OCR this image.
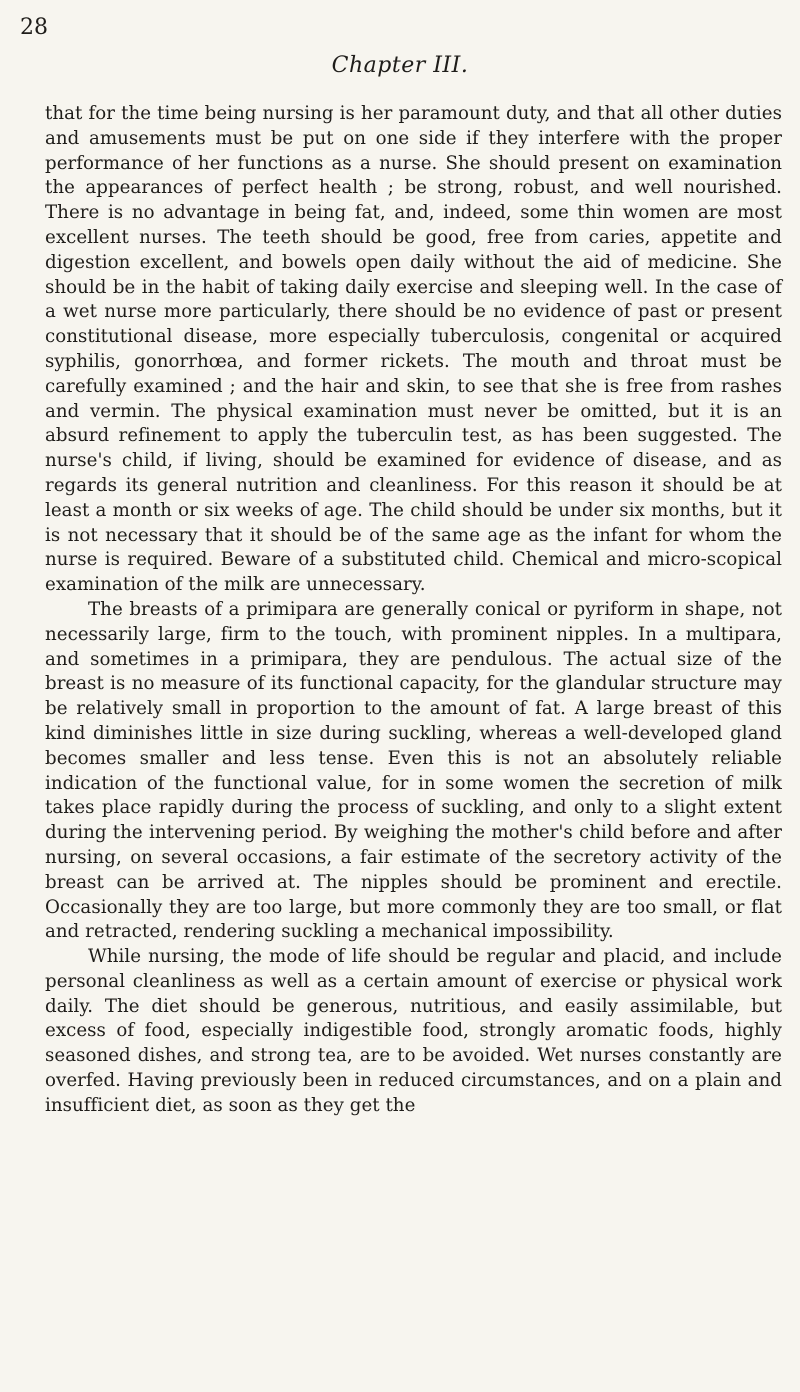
28
Chapter III.

that for the time being nursing is her paramount duty, and that all other duties and amusements must be put on one side if they interfere with the proper performance of her functions as a nurse. She should present on examination the appearances of perfect health ; be strong, robust, and well nourished. There is no advantage in being fat, and, indeed, some thin women are most excellent nurses. The teeth should be good, free from caries, appetite and digestion excellent, and bowels open daily without the aid of medicine. She should be in the habit of taking daily exercise and sleeping well. In the case of a wet nurse more particularly, there should be no evidence of past or present constitutional disease, more especially tuberculosis, congenital or acquired syphilis, gonorrhœa, and former rickets. The mouth and throat must be carefully examined ; and the hair and skin, to see that she is free from rashes and vermin. The physical examination must never be omitted, but it is an absurd refinement to apply the tuberculin test, as has been suggested. The nurse's child, if living, should be examined for evidence of disease, and as regards its general nutrition and cleanliness. For this reason it should be at least a month or six weeks of age. The child should be under six months, but it is not necessary that it should be of the same age as the infant for whom the nurse is required. Beware of a substituted child. Chemical and micro-scopical examination of the milk are unnecessary.

The breasts of a primipara are generally conical or pyriform in shape, not necessarily large, firm to the touch, with prominent nipples. In a multipara, and sometimes in a primipara, they are pendulous. The actual size of the breast is no measure of its functional capacity, for the glandular structure may be relatively small in proportion to the amount of fat. A large breast of this kind diminishes little in size during suckling, whereas a well-developed gland becomes smaller and less tense. Even this is not an absolutely reliable indication of the functional value, for in some women the secretion of milk takes place rapidly during the process of suckling, and only to a slight extent during the intervening period. By weighing the mother's child before and after nursing, on several occasions, a fair estimate of the secretory activity of the breast can be arrived at. The nipples should be prominent and erectile. Occasionally they are too large, but more commonly they are too small, or flat and retracted, rendering suckling a mechanical impossibility.

While nursing, the mode of life should be regular and placid, and include personal cleanliness as well as a certain amount of exercise or physical work daily. The diet should be generous, nutritious, and easily assimilable, but excess of food, especially indigestible food, strongly aromatic foods, highly seasoned dishes, and strong tea, are to be avoided. Wet nurses constantly are overfed. Having previously been in reduced circumstances, and on a plain and insufficient diet, as soon as they get the
